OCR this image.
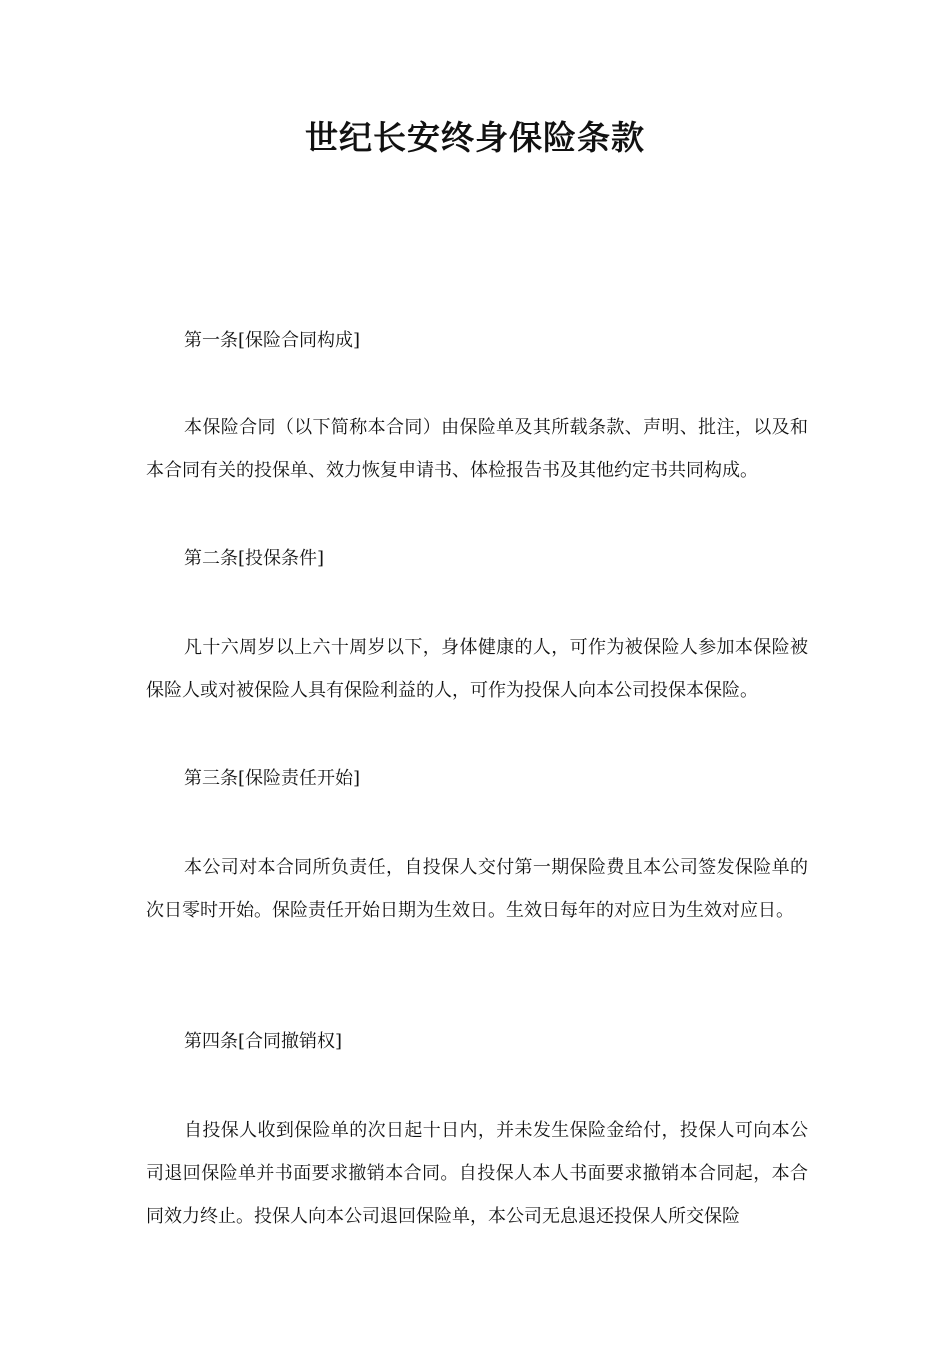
世纪长安终身保险条款

第一条[保险合同构成]

本保险合同（以下简称本合同）由保险单及其所载条款、声明、批注，以及和本合同有关的投保单、效力恢复申请书、体检报告书及其他约定书共同构成。

第二条[投保条件]

凡十六周岁以上六十周岁以下，身体健康的人，可作为被保险人参加本保险被保险人或对被保险人具有保险利益的人，可作为投保人向本公司投保本保险。

第三条[保险责任开始]

本公司对本合同所负责任，自投保人交付第一期保险费且本公司签发保险单的次日零时开始。保险责任开始日期为生效日。生效日每年的对应日为生效对应日。

第四条[合同撤销权]

自投保人收到保险单的次日起十日内，并未发生保险金给付，投保人可向本公司退回保险单并书面要求撤销本合同。自投保人本人书面要求撤销本合同起，本合同效力终止。投保人向本公司退回保险单，本公司无息退还投保人所交保险
